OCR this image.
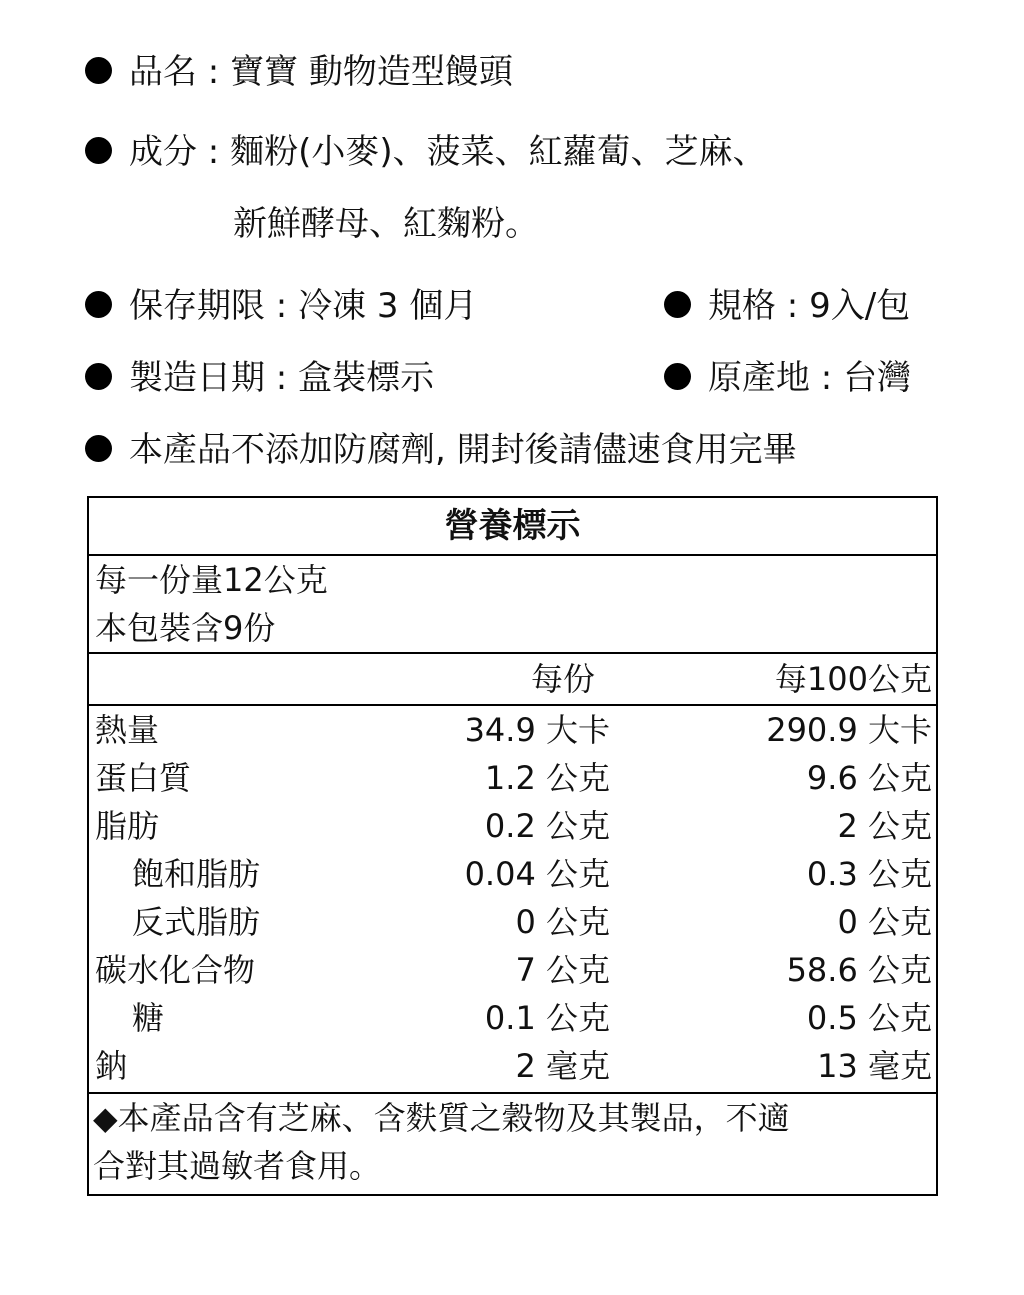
品名 : 寶寶 動物造型饅頭
成分 : 麵粉(小麥)、菠菜、紅蘿蔔、芝麻、
新鮮酵母、紅麴粉。
保存期限 : 冷凍 3 個月	規格 : 9入/包
製造日期 : 盒裝標示	原產地 : 台灣
本產品不添加防腐劑, 開封後請儘速食用完畢
營養標示
每一份量12公克
本包裝含9份
每份	每100公克
熱量	34.9 大卡	290.9 大卡
蛋白質	1.2 公克	9.6 公克
脂肪	0.2 公克	2 公克
飽和脂肪	0.04 公克	0.3 公克
反式脂肪	0 公克	0 公克
碳水化合物	7 公克	58.6 公克
糖	0.1 公克	0.5 公克
鈉	2 毫克	13 毫克
◆本產品含有芝麻、含麩質之穀物及其製品，不適
合對其過敏者食用。
